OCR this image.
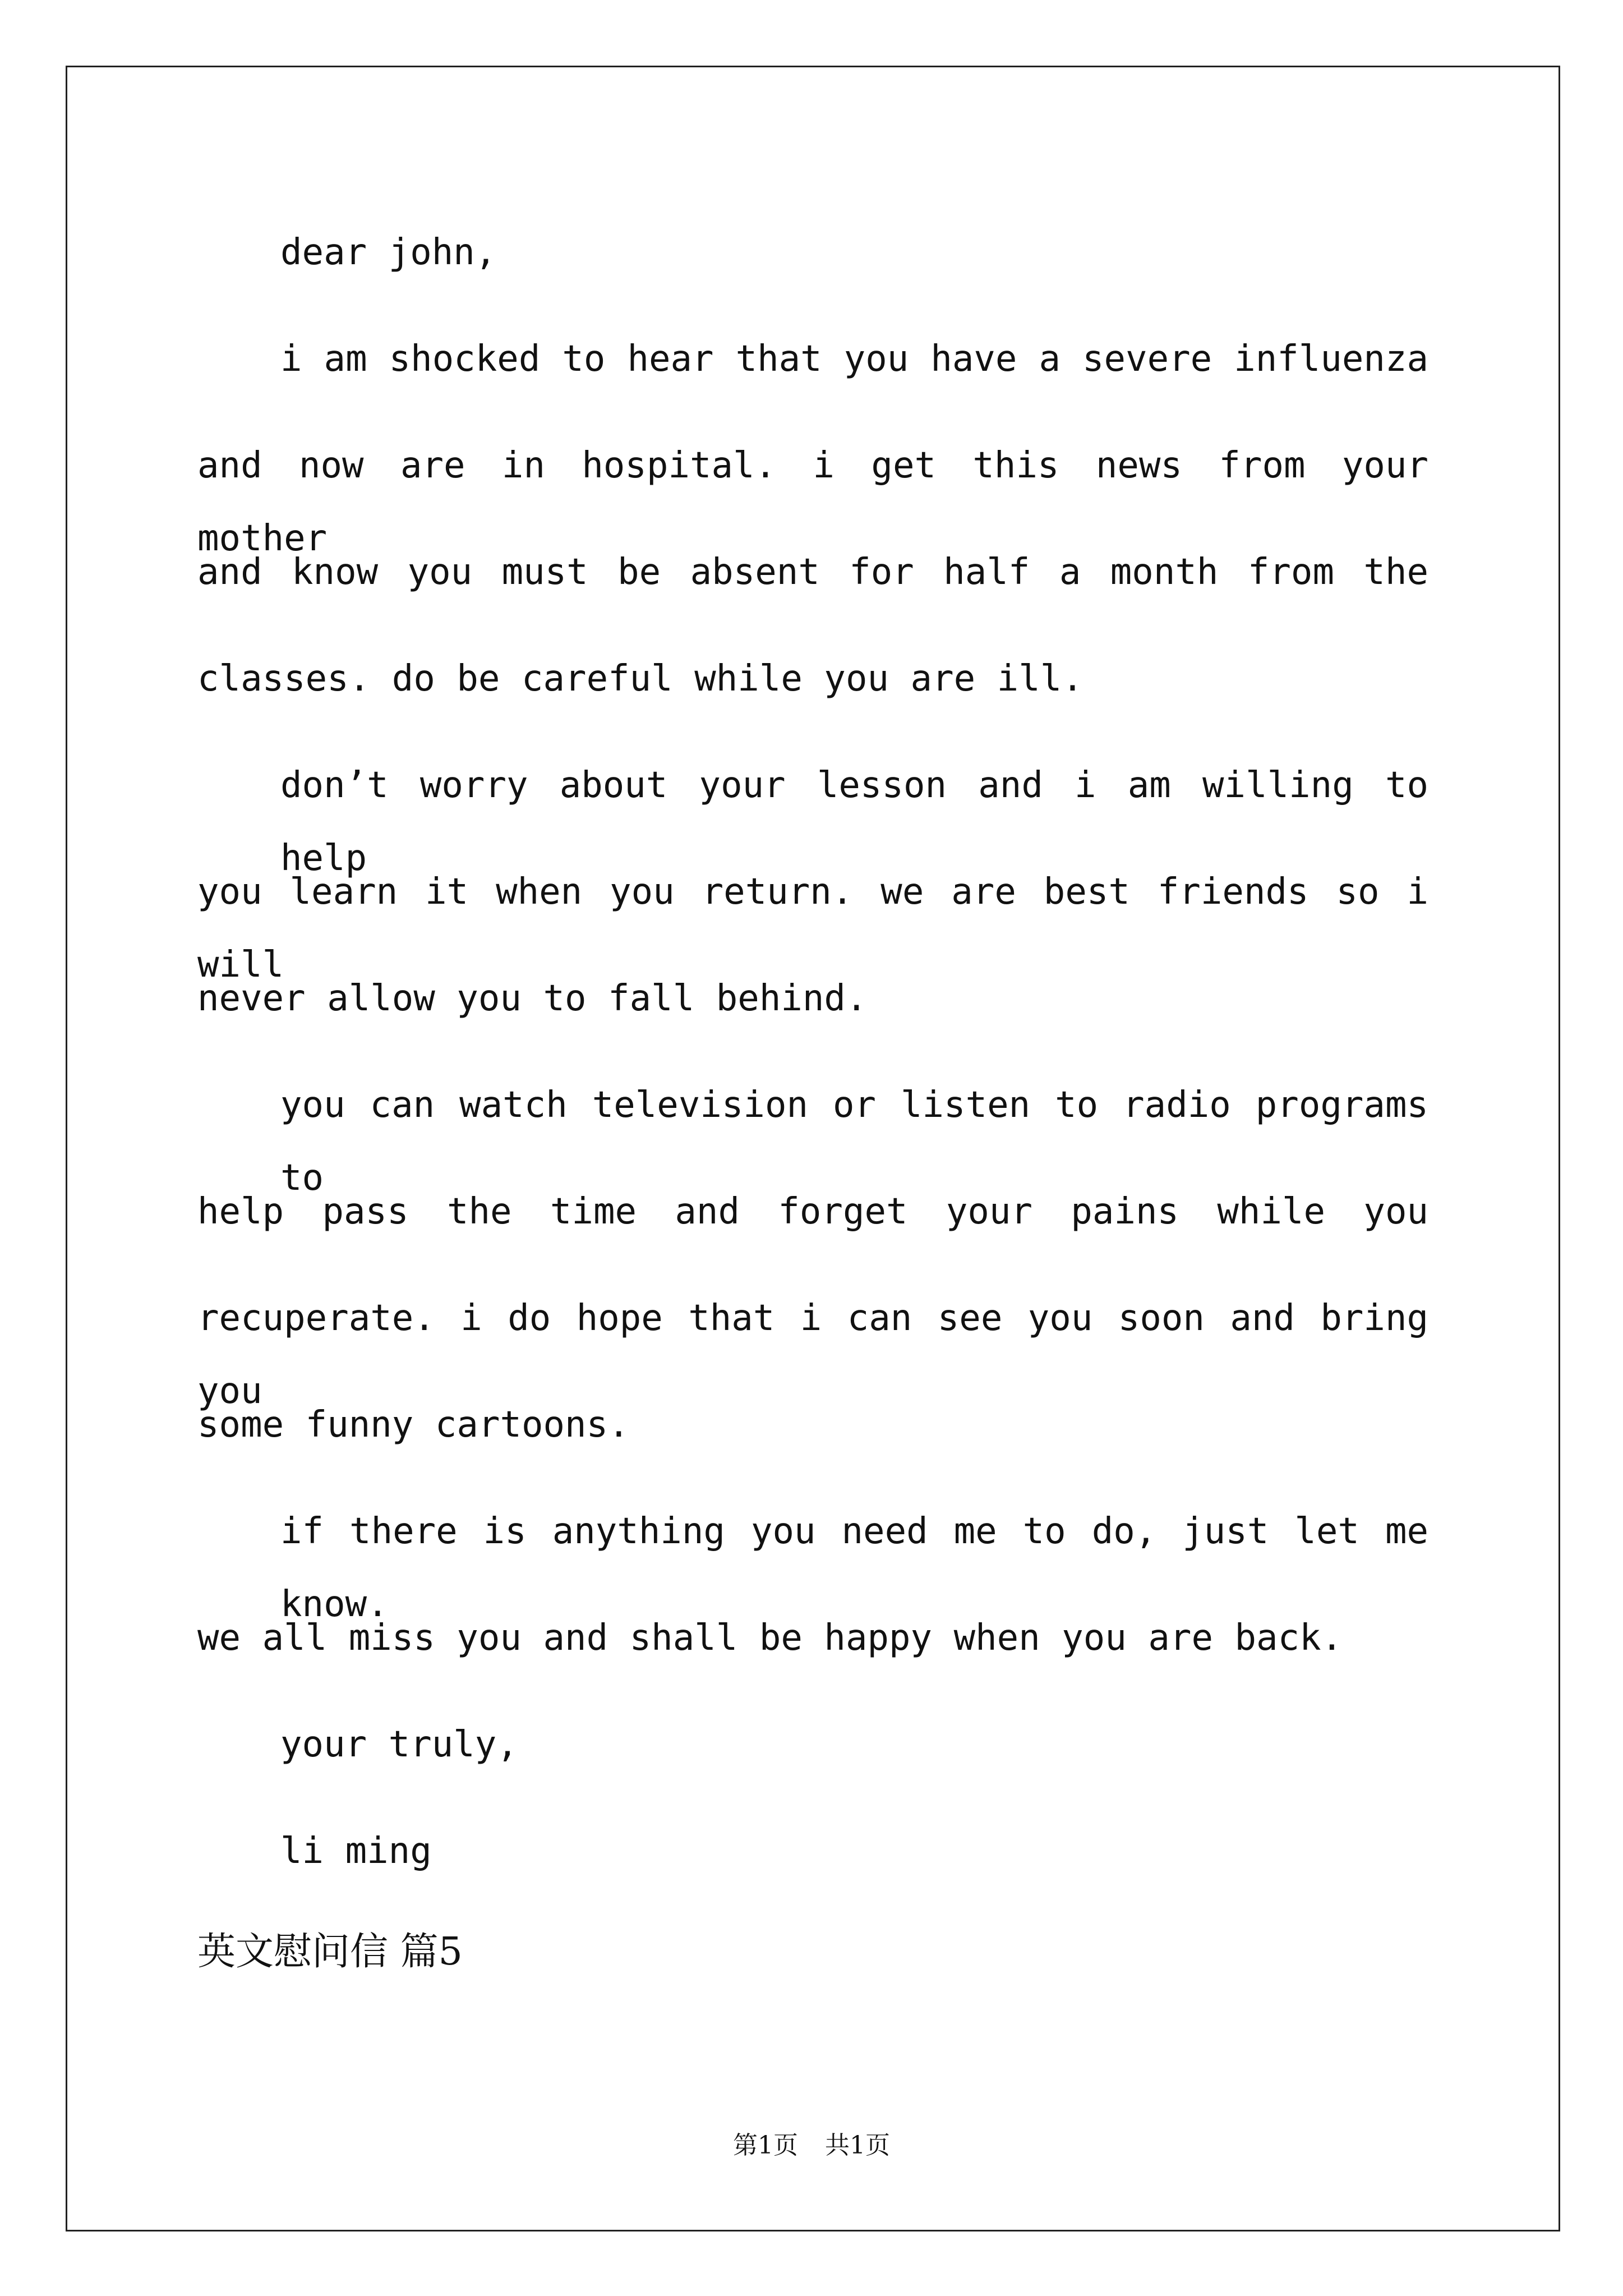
dear john,
i am shocked to hear that you have a severe influenza
and now are in hospital. i get this news from your mother
and know you must be absent for half a month from the
classes. do be careful while you are ill.
don’t worry about your lesson and i am willing to help
you learn it when you return. we are best friends so i will
never allow you to fall behind.
you can watch television or listen to radio programs to
help pass the time and forget your pains while you
recuperate. i do hope that i can see you soon and bring you
some funny cartoons.
if there is anything you need me to do, just let me know.
we all miss you and shall be happy when you are back.
your truly,
li ming
英文慰问信 篇5
第1页 共1页
